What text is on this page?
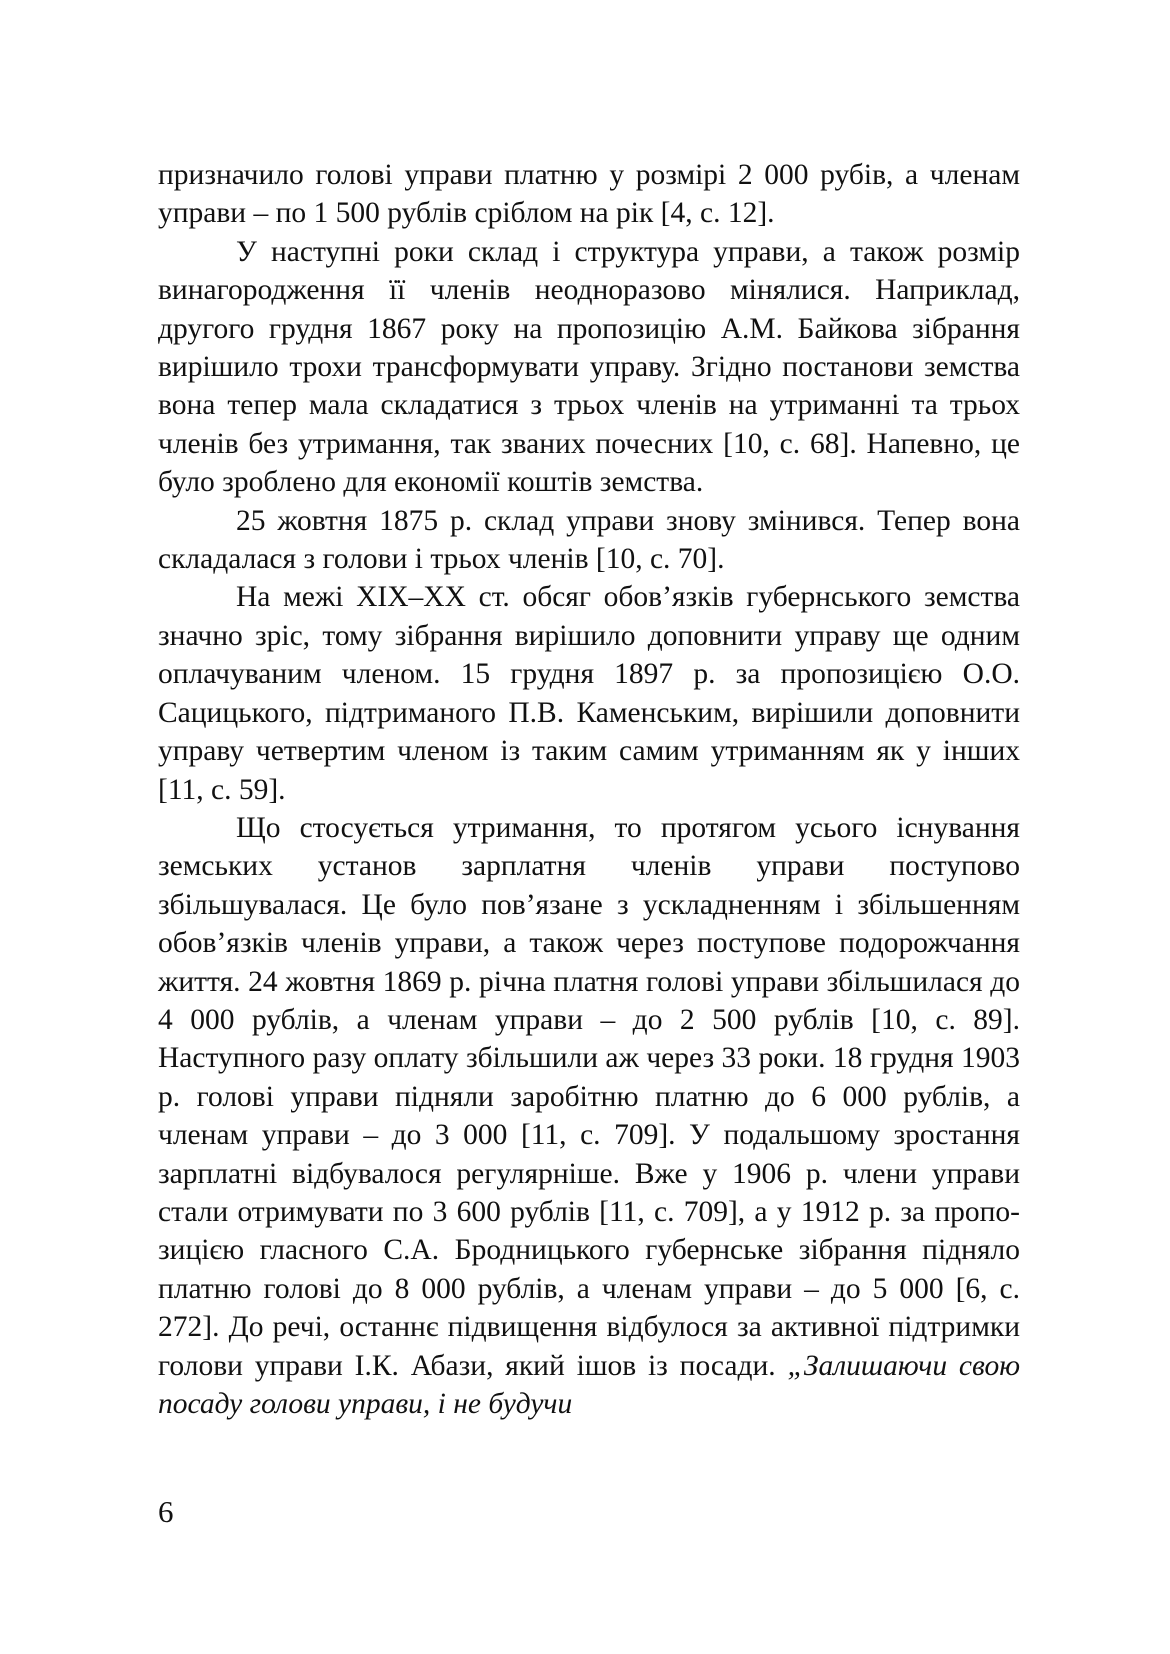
призначило голові управи платню у розмірі 2 000 рубів, а членам управи – по 1 500 рублів сріблом на рік [4, с. 12].

У наступні роки склад і структура управи, а також розмір винагородження її членів неодноразово мінялися. Наприклад, другого грудня 1867 року на пропозицію А.М. Байкова зібрання вирішило трохи трансформувати управу. Згідно постанови земства вона тепер мала складатися з трьох членів на утриманні та трьох членів без утримання, так званих почесних [10, с. 68]. Напевно, це було зроблено для економії коштів земства.

25 жовтня 1875 р. склад управи знову змінився. Тепер вона складалася з голови і трьох членів [10, с. 70].

На межі XIX–XX ст. обсяг обов’язків губернського земства значно зріс, тому зібрання вирішило доповнити управу ще одним оплачуваним членом. 15 грудня 1897 р. за пропозицією О.О. Сацицького, підтриманого П.В. Каменським, вирішили доповнити управу четвертим членом із таким самим утриманням як у інших [11, с. 59].

Що стосується утримання, то протягом усього існування земських установ зарплатня членів управи поступово збільшувалася. Це було пов’язане з ускладненням і збільшенням обов’язків членів управи, а також через поступове подорожчання життя. 24 жовтня 1869 р. річна платня голові управи збільшилася до 4 000 рублів, а членам управи – до 2 500 рублів [10, с. 89]. Наступного разу оплату збільшили аж через 33 роки. 18 грудня 1903 р. голові управи підняли заробітню платню до 6 000 рублів, а членам управи – до 3 000 [11, с. 709]. У подальшому зростання зарплатні відбувалося регулярніше. Вже у 1906 р. члени управи стали отримувати по 3 600 рублів [11, с. 709], а у 1912 р. за пропозицією гласного С.А. Бродницького губернське зібрання підняло платню голові до 8 000 рублів, а членам управи – до 5 000 [6, с. 272]. До речі, останнє підвищення відбулося за активної підтримки голови управи І.К. Абази, який ішов із посади. „Залишаючи свою посаду голови управи, і не будучи

6
